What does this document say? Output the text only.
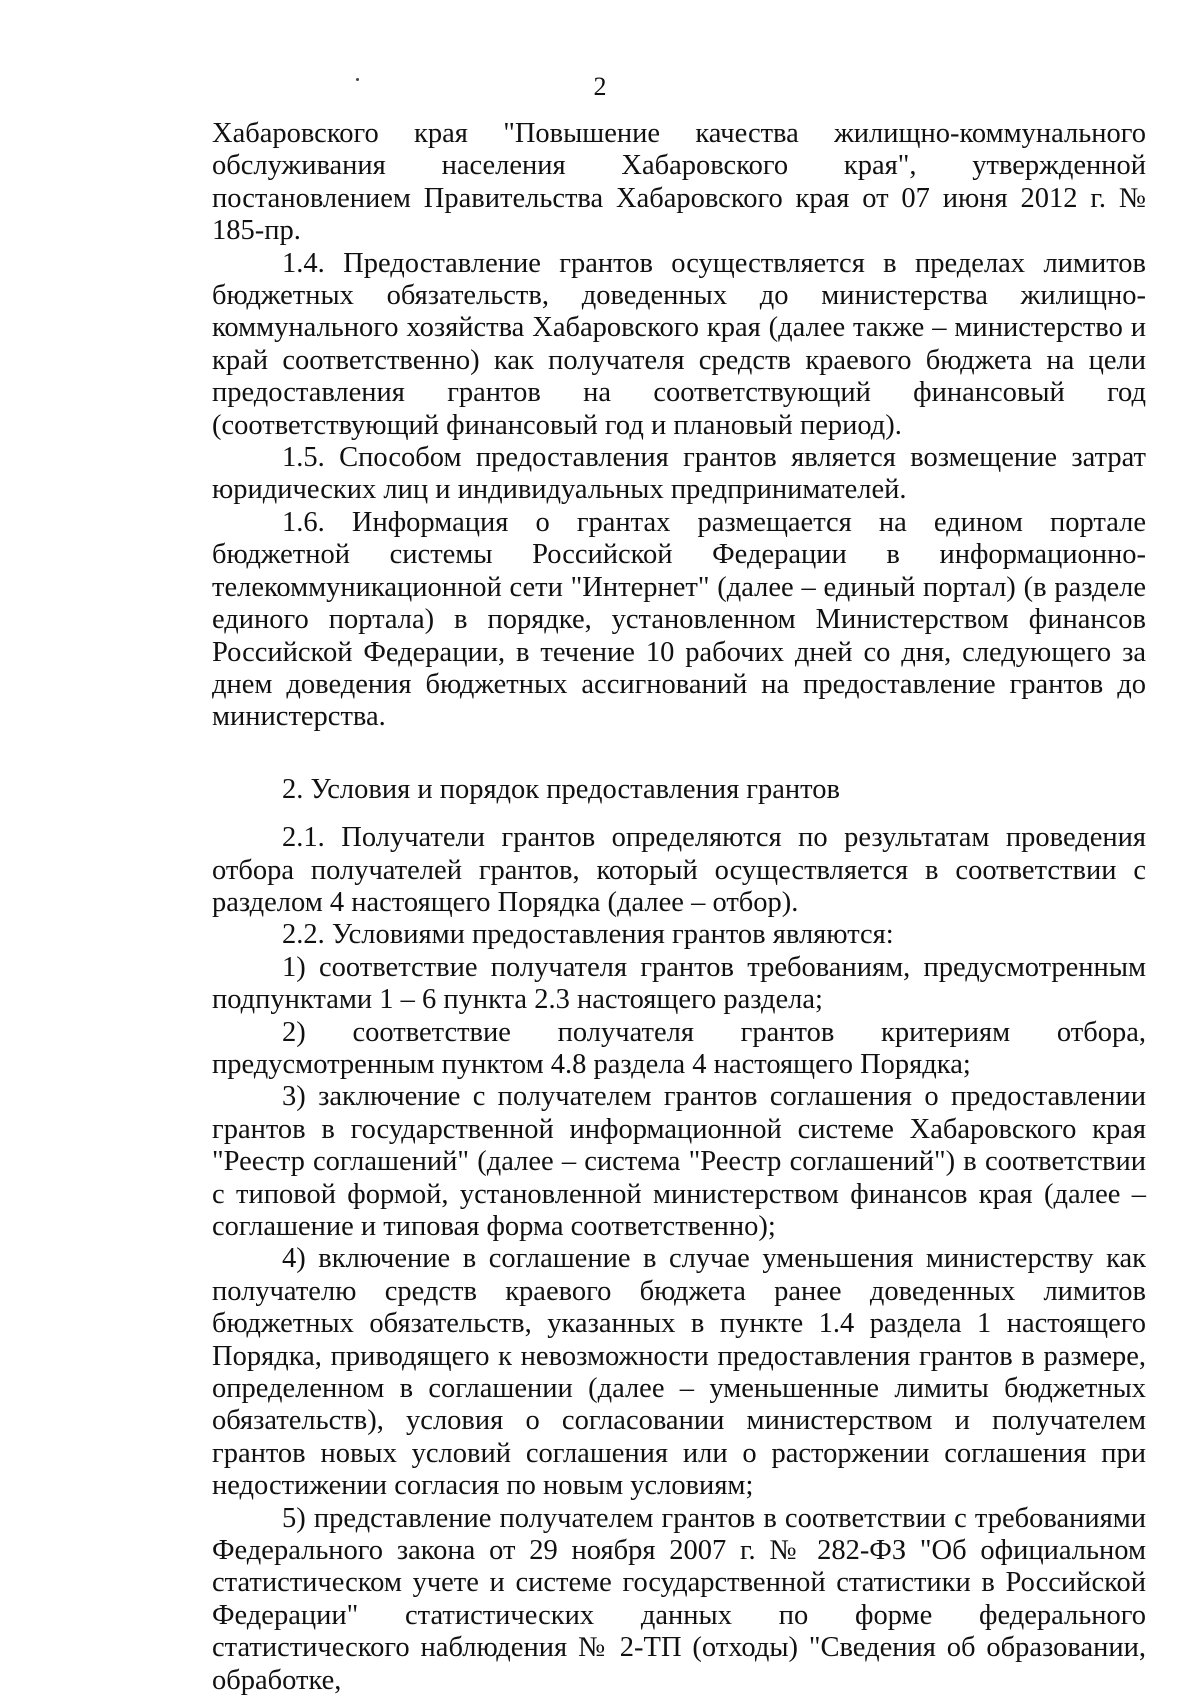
2

Хабаровского края "Повышение качества жилищно-коммунального обслуживания населения Хабаровского края", утвержденной постановлением Правительства Хабаровского края от 07 июня 2012 г. № 185-пр.

1.4. Предоставление грантов осуществляется в пределах лимитов бюджетных обязательств, доведенных до министерства жилищно-коммунального хозяйства Хабаровского края (далее также – министерство и край соответственно) как получателя средств краевого бюджета на цели предоставления грантов на соответствующий финансовый год (соответствующий финансовый год и плановый период).

1.5. Способом предоставления грантов является возмещение затрат юридических лиц и индивидуальных предпринимателей.

1.6. Информация о грантах размещается на едином портале бюджетной системы Российской Федерации в информационно-телекоммуникационной сети "Интернет" (далее – единый портал) (в разделе единого портала) в порядке, установленном Министерством финансов Российской Федерации, в течение 10 рабочих дней со дня, следующего за днем доведения бюджетных ассигнований на предоставление грантов до министерства.

2. Условия и порядок предоставления грантов

2.1. Получатели грантов определяются по результатам проведения отбора получателей грантов, который осуществляется в соответствии с разделом 4 настоящего Порядка (далее – отбор).

2.2. Условиями предоставления грантов являются:

1) соответствие получателя грантов требованиям, предусмотренным подпунктами 1 – 6 пункта 2.3 настоящего раздела;

2) соответствие получателя грантов критериям отбора, предусмотренным пунктом 4.8 раздела 4 настоящего Порядка;

3) заключение с получателем грантов соглашения о предоставлении грантов в государственной информационной системе Хабаровского края "Реестр соглашений" (далее – система "Реестр соглашений") в соответствии с типовой формой, установленной министерством финансов края (далее – соглашение и типовая форма соответственно);

4) включение в соглашение в случае уменьшения министерству как получателю средств краевого бюджета ранее доведенных лимитов бюджетных обязательств, указанных в пункте 1.4 раздела 1 настоящего Порядка, приводящего к невозможности предоставления грантов в размере, определенном в соглашении (далее – уменьшенные лимиты бюджетных обязательств), условия о согласовании министерством и получателем грантов новых условий соглашения или о расторжении соглашения при недостижении согласия по новым условиям;

5) представление получателем грантов в соответствии с требованиями Федерального закона от 29 ноября 2007 г. № 282-ФЗ "Об официальном статистическом учете и системе государственной статистики в Российской Федерации" статистических данных по форме федерального статистического наблюдения № 2-ТП (отходы) "Сведения об образовании, обработке,
